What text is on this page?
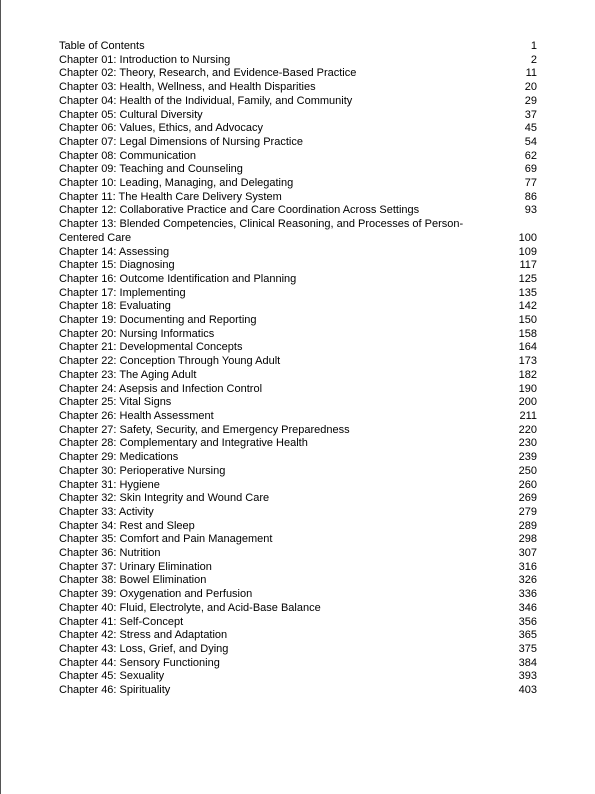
Table of Contents	1
Chapter 01: Introduction to Nursing	2
Chapter 02: Theory, Research, and Evidence-Based Practice	11
Chapter 03: Health, Wellness, and Health Disparities	20
Chapter 04: Health of the Individual, Family, and Community	29
Chapter 05: Cultural Diversity	37
Chapter 06: Values, Ethics, and Advocacy	45
Chapter 07: Legal Dimensions of Nursing Practice	54
Chapter 08: Communication	62
Chapter 09: Teaching and Counseling	69
Chapter 10: Leading, Managing, and Delegating	77
Chapter 11: The Health Care Delivery System	86
Chapter 12: Collaborative Practice and Care Coordination Across Settings	93
Chapter 13: Blended Competencies, Clinical Reasoning, and Processes of Person-Centered Care	100
Chapter 14: Assessing	109
Chapter 15: Diagnosing	117
Chapter 16: Outcome Identification and Planning	125
Chapter 17: Implementing	135
Chapter 18: Evaluating	142
Chapter 19: Documenting and Reporting	150
Chapter 20: Nursing Informatics	158
Chapter 21: Developmental Concepts	164
Chapter 22: Conception Through Young Adult	173
Chapter 23: The Aging Adult	182
Chapter 24: Asepsis and Infection Control	190
Chapter 25: Vital Signs	200
Chapter 26: Health Assessment	211
Chapter 27: Safety, Security, and Emergency Preparedness	220
Chapter 28: Complementary and Integrative Health	230
Chapter 29: Medications	239
Chapter 30: Perioperative Nursing	250
Chapter 31: Hygiene	260
Chapter 32: Skin Integrity and Wound Care	269
Chapter 33: Activity	279
Chapter 34: Rest and Sleep	289
Chapter 35: Comfort and Pain Management	298
Chapter 36: Nutrition	307
Chapter 37: Urinary Elimination	316
Chapter 38: Bowel Elimination	326
Chapter 39: Oxygenation and Perfusion	336
Chapter 40: Fluid, Electrolyte, and Acid-Base Balance	346
Chapter 41: Self-Concept	356
Chapter 42: Stress and Adaptation	365
Chapter 43: Loss, Grief, and Dying	375
Chapter 44: Sensory Functioning	384
Chapter 45: Sexuality	393
Chapter 46: Spirituality	403
